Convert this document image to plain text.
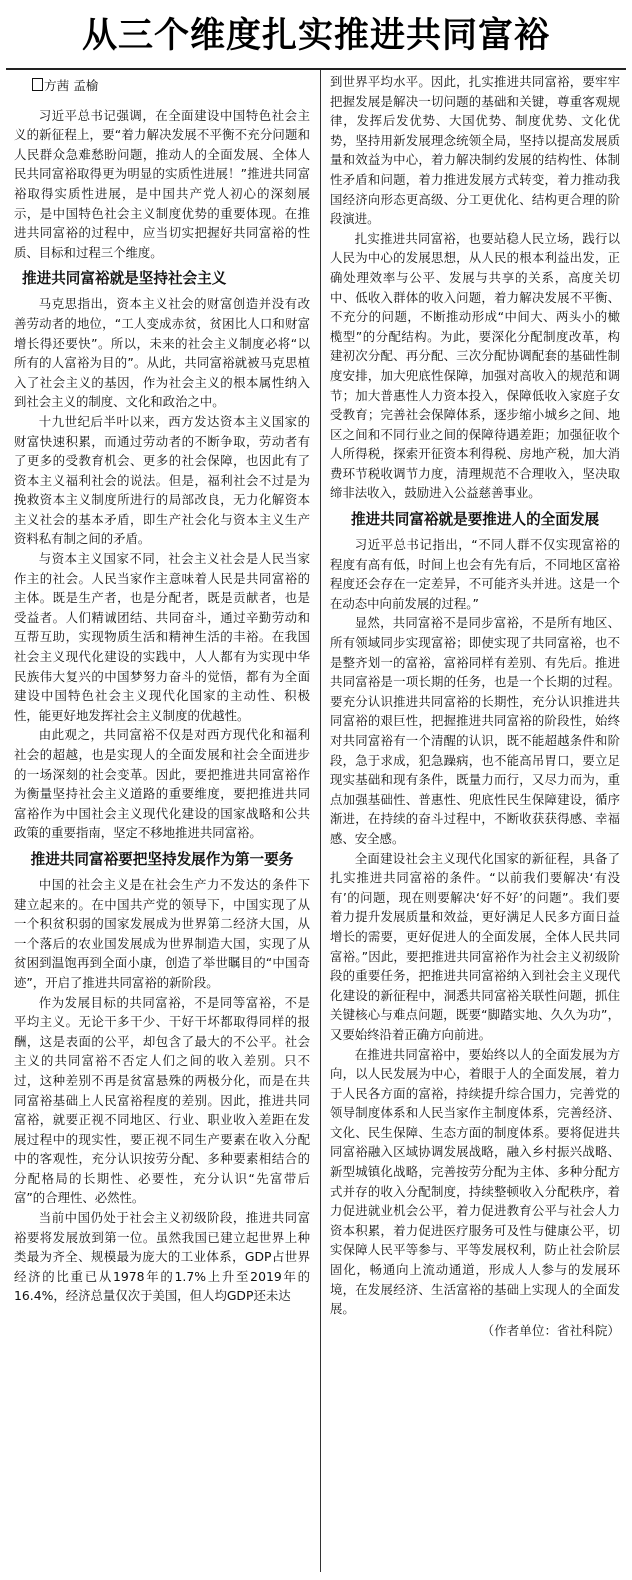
从三个维度扎实推进共同富裕
方茜 孟榆

习近平总书记强调，在全面建设中国特色社会主义的新征程上，要“着力解决发展不平衡不充分问题和人民群众急难愁盼问题，推动人的全面发展、全体人民共同富裕取得更为明显的实质性进展！”推进共同富裕取得实质性进展，是中国共产党人初心的深刻展示，是中国特色社会主义制度优势的重要体现。在推进共同富裕的过程中，应当切实把握好共同富裕的性质、目标和过程三个维度。

推进共同富裕就是坚持社会主义

马克思指出，资本主义社会的财富创造并没有改善劳动者的地位，“工人变成赤贫，贫困比人口和财富增长得还要快”。所以，未来的社会主义制度必将“以所有的人富裕为目的”。从此，共同富裕就被马克思植入了社会主义的基因，作为社会主义的根本属性纳入到社会主义的制度、文化和政治之中。

十九世纪后半叶以来，西方发达资本主义国家的财富快速积累，而通过劳动者的不断争取，劳动者有了更多的受教育机会、更多的社会保障，也因此有了资本主义福利社会的说法。但是，福利社会不过是为挽救资本主义制度所进行的局部改良，无力化解资本主义社会的基本矛盾，即生产社会化与资本主义生产资料私有制之间的矛盾。

与资本主义国家不同，社会主义社会是人民当家作主的社会。人民当家作主意味着人民是共同富裕的主体。既是生产者，也是分配者，既是贡献者，也是受益者。人们精诚团结、共同奋斗，通过辛勤劳动和互帮互助，实现物质生活和精神生活的丰裕。在我国社会主义现代化建设的实践中，人人都有为实现中华民族伟大复兴的中国梦努力奋斗的觉悟，都有为全面建设中国特色社会主义现代化国家的主动性、积极性，能更好地发挥社会主义制度的优越性。

由此观之，共同富裕不仅是对西方现代化和福利社会的超越，也是实现人的全面发展和社会全面进步的一场深刻的社会变革。因此，要把推进共同富裕作为衡量坚持社会主义道路的重要维度，要把推进共同富裕作为中国社会主义现代化建设的国家战略和公共政策的重要指南，坚定不移地推进共同富裕。

推进共同富裕要把坚持发展作为第一要务

中国的社会主义是在社会生产力不发达的条件下建立起来的。在中国共产党的领导下，中国实现了从一个积贫积弱的国家发展成为世界第二经济大国，从一个落后的农业国发展成为世界制造大国，实现了从贫困到温饱再到全面小康，创造了举世瞩目的“中国奇迹”，开启了推进共同富裕的新阶段。

作为发展目标的共同富裕，不是同等富裕，不是平均主义。无论干多干少、干好干坏都取得同样的报酬，这是表面的公平，却包含了最大的不公平。社会主义的共同富裕不否定人们之间的收入差别。只不过，这种差别不再是贫富悬殊的两极分化，而是在共同富裕基础上人民富裕程度的差别。因此，推进共同富裕，就要正视不同地区、行业、职业收入差距在发展过程中的现实性，要正视不同生产要素在收入分配中的客观性，充分认识按劳分配、多种要素相结合的分配格局的长期性、必要性，充分认识“先富带后富”的合理性、必然性。

当前中国仍处于社会主义初级阶段，推进共同富裕要将发展放到第一位。虽然我国已建立起世界上种类最为齐全、规模最为庞大的工业体系，GDP占世界经济的比重已从1978年的1.7%上升至2019年的16.4%，经济总量仅次于美国，但人均GDP还未达

到世界平均水平。因此，扎实推进共同富裕，要牢牢把握发展是解决一切问题的基础和关键，尊重客观规律，发挥后发优势、大国优势、制度优势、文化优势，坚持用新发展理念统领全局，坚持以提高发展质量和效益为中心，着力解决制约发展的结构性、体制性矛盾和问题，着力推进发展方式转变，着力推动我国经济向形态更高级、分工更优化、结构更合理的阶段演进。

扎实推进共同富裕，也要站稳人民立场，践行以人民为中心的发展思想，从人民的根本利益出发，正确处理效率与公平、发展与共享的关系，高度关切中、低收入群体的收入问题，着力解决发展不平衡、不充分的问题，不断推动形成“中间大、两头小的橄榄型”的分配结构。为此，要深化分配制度改革，构建初次分配、再分配、三次分配协调配套的基础性制度安排，加大兜底性保障，加强对高收入的规范和调节；加大普惠性人力资本投入，保障低收入家庭子女受教育；完善社会保障体系，逐步缩小城乡之间、地区之间和不同行业之间的保障待遇差距；加强征收个人所得税，探索开征资本利得税、房地产税，加大消费环节税收调节力度，清理规范不合理收入，坚决取缔非法收入，鼓励进入公益慈善事业。

推进共同富裕就是要推进人的全面发展

习近平总书记指出，“不同人群不仅实现富裕的程度有高有低，时间上也会有先有后，不同地区富裕程度还会存在一定差异，不可能齐头并进。这是一个在动态中向前发展的过程。”

显然，共同富裕不是同步富裕，不是所有地区、所有领域同步实现富裕；即使实现了共同富裕，也不是整齐划一的富裕，富裕同样有差别、有先后。推进共同富裕是一项长期的任务，也是一个长期的过程。要充分认识推进共同富裕的长期性，充分认识推进共同富裕的艰巨性，把握推进共同富裕的阶段性，始终对共同富裕有一个清醒的认识，既不能超越条件和阶段，急于求成，犯急躁病，也不能高吊胃口，要立足现实基础和现有条件，既量力而行，又尽力而为，重点加强基础性、普惠性、兜底性民生保障建设，循序渐进，在持续的奋斗过程中，不断收获获得感、幸福感、安全感。

全面建设社会主义现代化国家的新征程，具备了扎实推进共同富裕的条件。“以前我们要解决‘有没有’的问题，现在则要解决‘好不好’的问题”。我们要着力提升发展质量和效益，更好满足人民多方面日益增长的需要，更好促进人的全面发展，全体人民共同富裕。”因此，要把推进共同富裕作为社会主义初级阶段的重要任务，把推进共同富裕纳入到社会主义现代化建设的新征程中，洞悉共同富裕关联性问题，抓住关键核心与难点问题，既要“脚踏实地、久久为功”，又要始终沿着正确方向前进。

在推进共同富裕中，要始终以人的全面发展为方向，以人民发展为中心，着眼于人的全面发展，着力于人民各方面的富裕，持续提升综合国力，完善党的领导制度体系和人民当家作主制度体系，完善经济、文化、民生保障、生态方面的制度体系。要将促进共同富裕融入区域协调发展战略，融入乡村振兴战略、新型城镇化战略，完善按劳分配为主体、多种分配方式并存的收入分配制度，持续整顿收入分配秩序，着力促进就业机会公平，着力促进教育公平与社会人力资本积累，着力促进医疗服务可及性与健康公平，切实保障人民平等参与、平等发展权利，防止社会阶层固化，畅通向上流动通道，形成人人参与的发展环境，在发展经济、生活富裕的基础上实现人的全面发展。

（作者单位：省社科院）
